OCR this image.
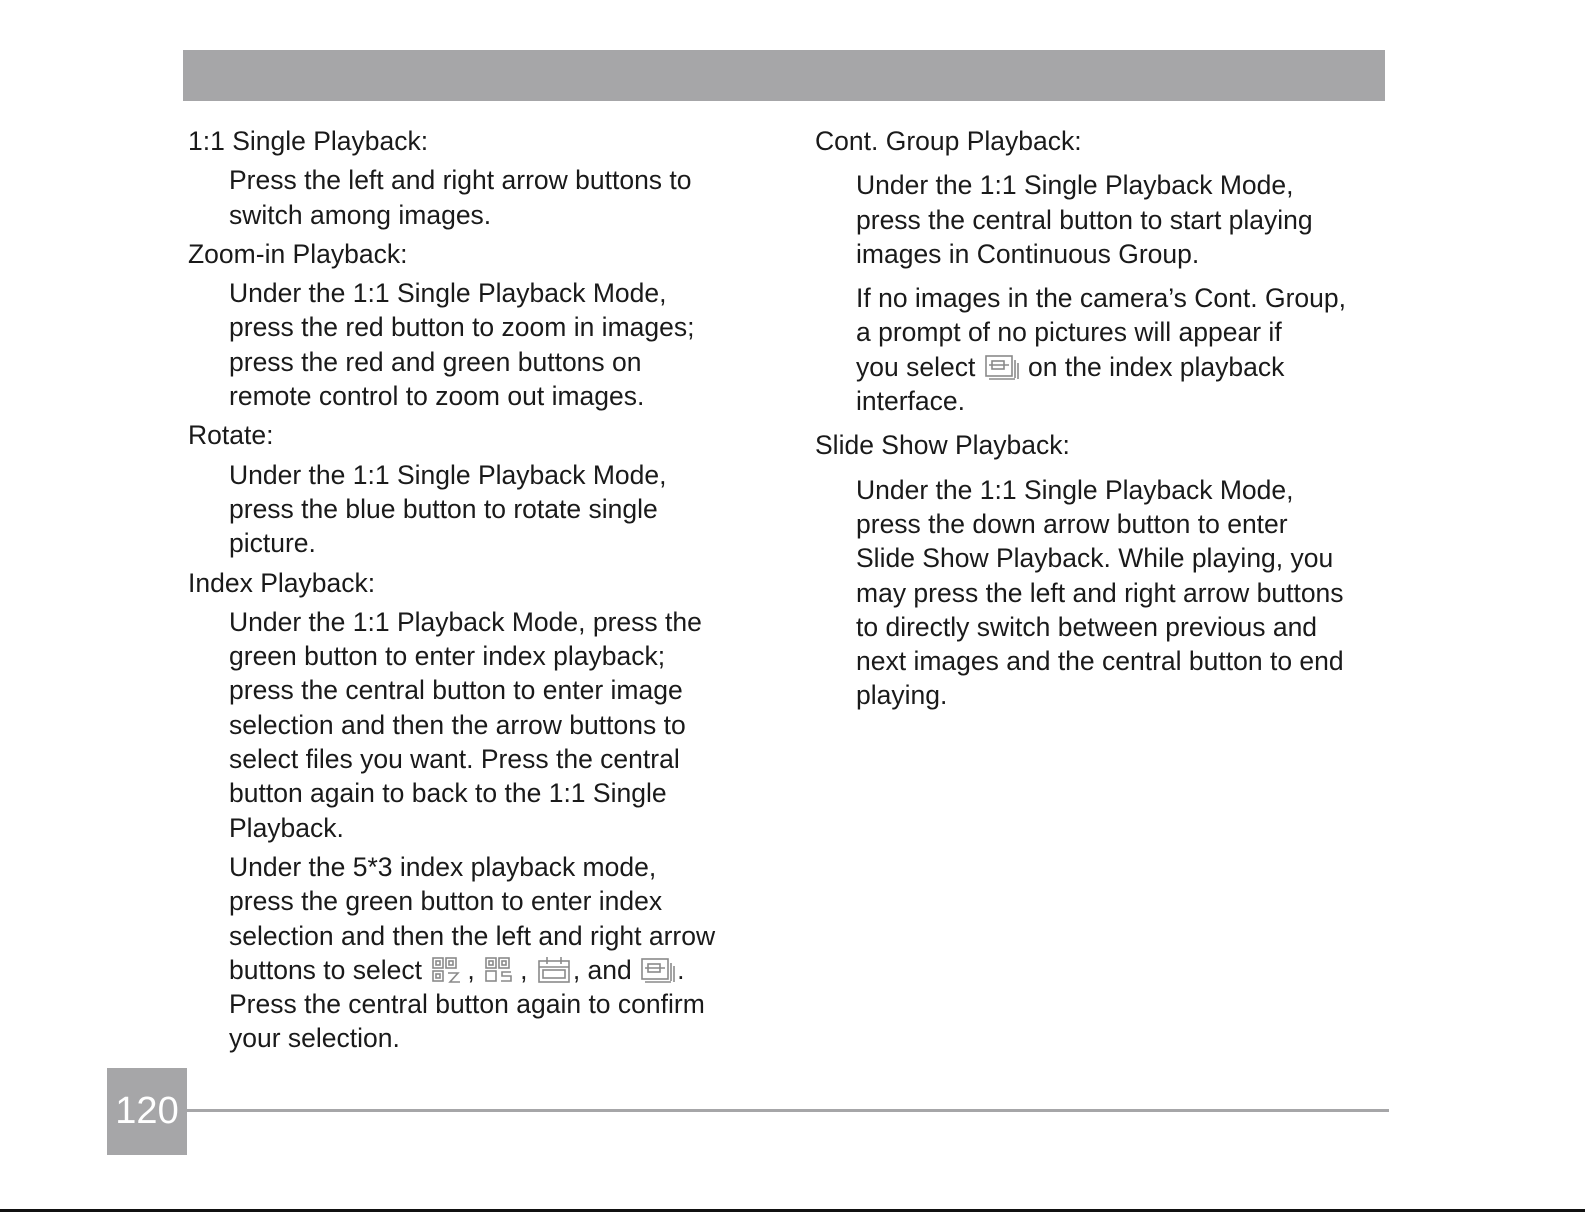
1:1 Single Playback:

Press the left and right arrow buttons to
switch among images.

Zoom-in Playback:

Under the 1:1 Single Playback Mode,
press the red button to zoom in images;
press the red and green buttons on
remote control to zoom out images.

Rotate:

Under the 1:1 Single Playback Mode,
press the blue button to rotate single
picture.

Index Playback:

Under the 1:1 Playback Mode, press the
green button to enter index playback;
press the central button to enter image
selection and then the arrow buttons to
select files you want. Press the central
button again to back to the 1:1 Single
Playback.

Under the 5*3 index playback mode,
press the green button to enter index
selection and then the left and right arrow
buttons to select
,
,
, and
.
Press the central button again to confirm
your selection.

Cont. Group Playback:

Under the 1:1 Single Playback Mode,
press the central button to start playing
images in Continuous Group.

If no images in the camera’s Cont. Group,
a prompt of no pictures will appear if
you select
on the index playback
interface.

Slide Show Playback:

Under the 1:1 Single Playback Mode,
press the down arrow button to enter
Slide Show Playback. While playing, you
may press the left and right arrow buttons
to directly switch between previous and
next images and the central button to end
playing.

120
